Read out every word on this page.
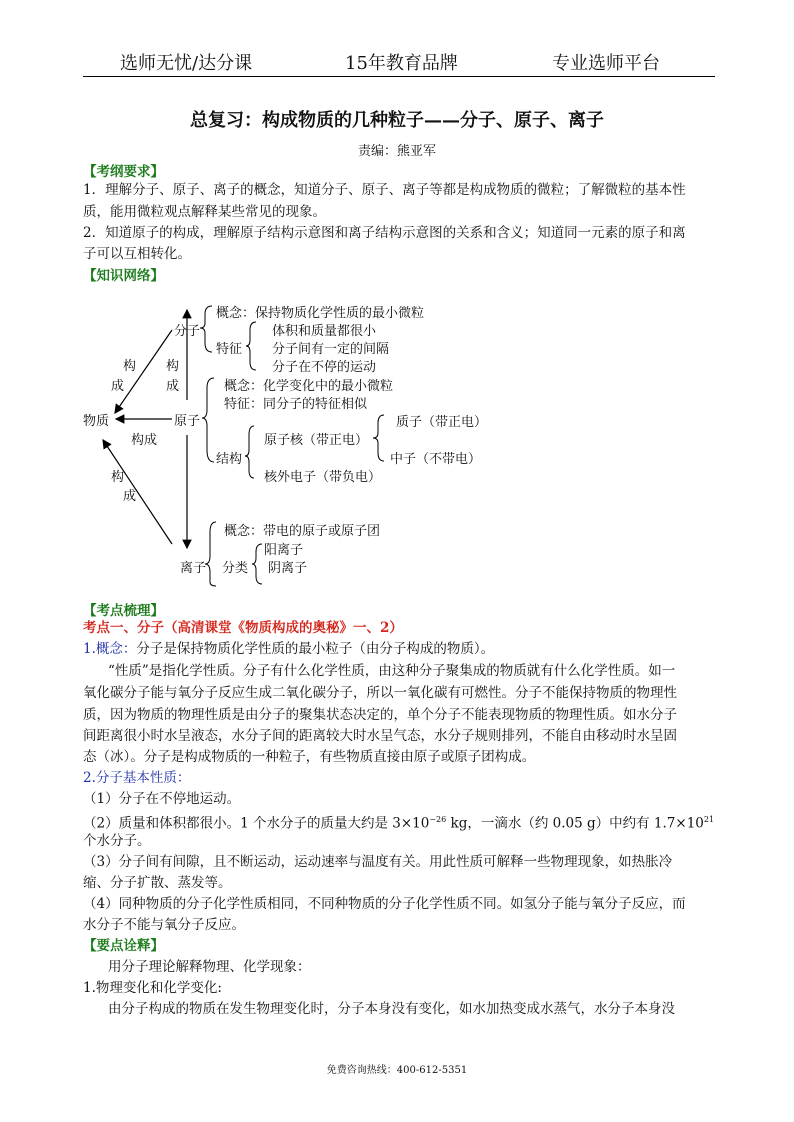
选师无忧/达分课	15年教育品牌	专业选师平台
总复习：构成物质的几种粒子——分子、原子、离子
责编：熊亚军
【考纲要求】
1．理解分子、原子、离子的概念，知道分子、原子、离子等都是构成物质的微粒；了解微粒的基本性
质，能用微粒观点解释某些常见的现象。
2．知道原子的构成，理解原子结构示意图和离子结构示意图的关系和含义；知道同一元素的原子和离
子可以互相转化。
【知识网络】
物质
分子
原子
离子
构
成
构
成
构成
构
成
概念：保持物质化学性质的最小微粒
特征
体积和质量都很小
分子间有一定的间隔
分子在不停的运动
概念：化学变化中的最小微粒
特征：同分子的特征相似
结构
原子核（带正电）
核外电子（带负电）
质子（带正电）
中子（不带电）
概念：带电的原子或原子团
分类
阳离子
阴离子
【考点梳理】
考点一、分子（高清课堂《物质构成的奥秘》一、2）
1.概念：分子是保持物质化学性质的最小粒子（由分子构成的物质）。
“性质”是指化学性质。分子有什么化学性质，由这种分子聚集成的物质就有什么化学性质。如一
氧化碳分子能与氧分子反应生成二氧化碳分子，所以一氧化碳有可燃性。分子不能保持物质的物理性
质，因为物质的物理性质是由分子的聚集状态决定的，单个分子不能表现物质的物理性质。如水分子
间距离很小时水呈液态，水分子间的距离较大时水呈气态，水分子规则排列，不能自由移动时水呈固
态（冰）。分子是构成物质的一种粒子，有些物质直接由原子或原子团构成。
2.分子基本性质：
（1）分子在不停地运动。
（2）质量和体积都很小。1 个水分子的质量大约是 $3\times 10^{-26}$ kg，一滴水（约 0.05 g）中约有 $1.7\times 10^{21}$
个水分子。
（3）分子间有间隙，且不断运动，运动速率与温度有关。用此性质可解释一些物理现象，如热胀冷
缩、分子扩散、蒸发等。
（4）同种物质的分子化学性质相同，不同种物质的分子化学性质不同。如氢分子能与氧分子反应，而
水分子不能与氧分子反应。
【要点诠释】
用分子理论解释物理、化学现象：
1.物理变化和化学变化:
由分子构成的物质在发生物理变化时，分子本身没有变化，如水加热变成水蒸气，水分子本身没
免费咨询热线：400-612-5351
